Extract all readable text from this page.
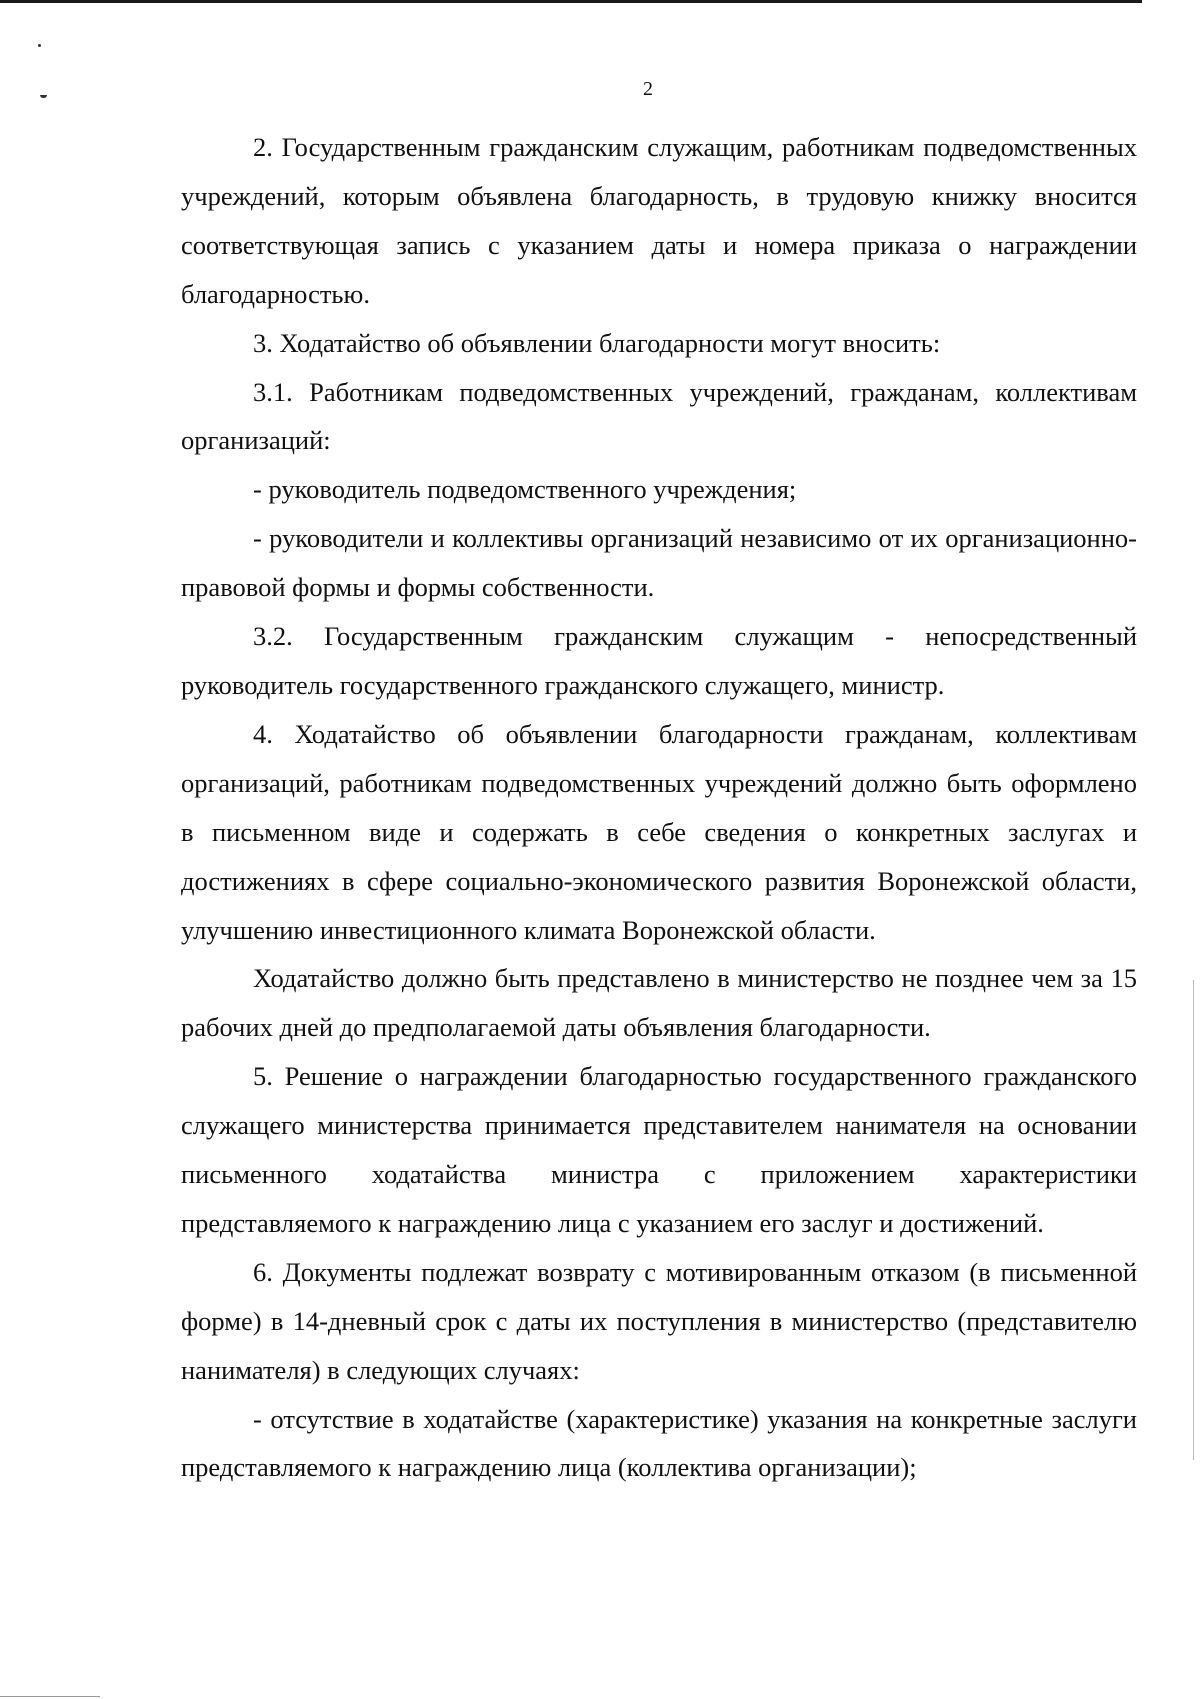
2

2. Государственным гражданским служащим, работникам подведомственных учреждений, которым объявлена благодарность, в трудовую книжку вносится соответствующая запись с указанием даты и номера приказа о награждении благодарностью.

3. Ходатайство об объявлении благодарности могут вносить:

3.1. Работникам подведомственных учреждений, гражданам, коллективам организаций:

- руководитель подведомственного учреждения;

- руководители и коллективы организаций независимо от их организационно-правовой формы и формы собственности.

3.2. Государственным гражданским служащим - непосредственный руководитель государственного гражданского служащего, министр.

4. Ходатайство об объявлении благодарности гражданам, коллективам организаций, работникам подведомственных учреждений должно быть оформлено в письменном виде и содержать в себе сведения о конкретных заслугах и достижениях в сфере социально-экономического развития Воронежской области, улучшению инвестиционного климата Воронежской области.

Ходатайство должно быть представлено в министерство не позднее чем за 15 рабочих дней до предполагаемой даты объявления благодарности.

5. Решение о награждении благодарностью государственного гражданского служащего министерства принимается представителем нанимателя на основании письменного ходатайства министра с приложением характеристики представляемого к награждению лица с указанием его заслуг и достижений.

6. Документы подлежат возврату с мотивированным отказом (в письменной форме) в 14-дневный срок с даты их поступления в министерство (представителю нанимателя) в следующих случаях:

- отсутствие в ходатайстве (характеристике) указания на конкретные заслуги представляемого к награждению лица (коллектива организации);
